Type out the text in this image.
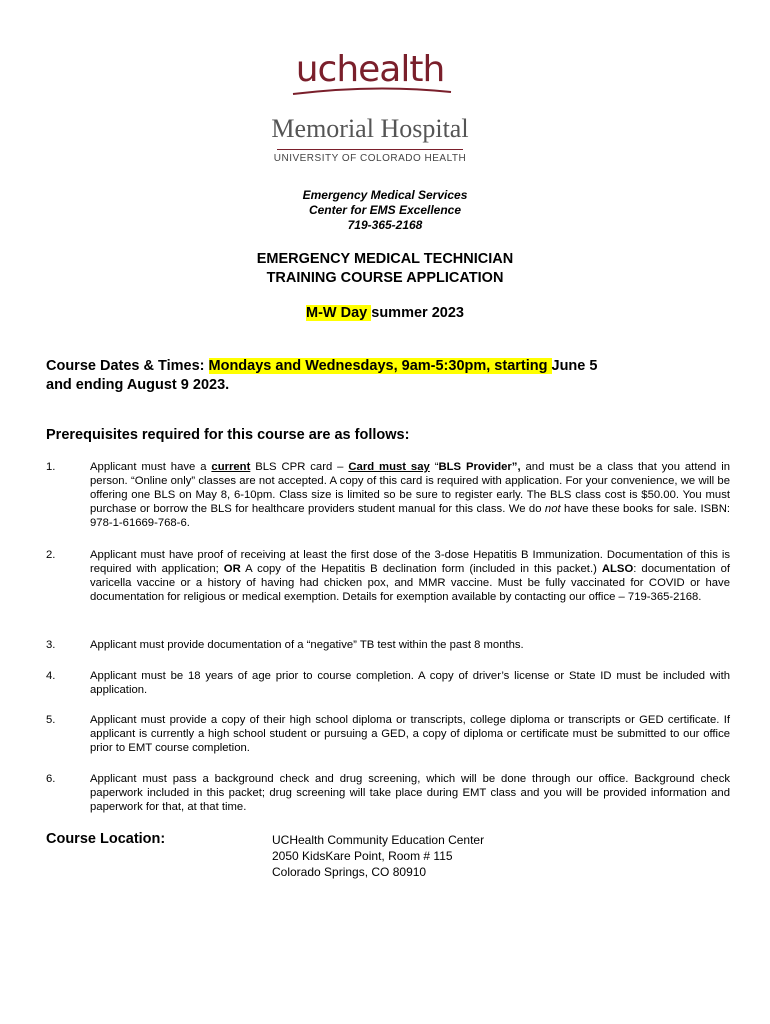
uchealth
Memorial Hospital
UNIVERSITY OF COLORADO HEALTH
Emergency Medical Services
Center for EMS Excellence
719-365-2168
EMERGENCY MEDICAL TECHNICIAN
TRAINING COURSE APPLICATION
M-W Day summer 2023
Course Dates & Times: Mondays and Wednesdays, 9am-5:30pm, starting June 5
and ending August 9 2023.
Prerequisites required for this course are as follows:
1.	Applicant must have a current BLS CPR card – Card must say “BLS Provider”, and must be a class that you attend in person. “Online only” classes are not accepted. A copy of this card is required with application. For your convenience, we will be offering one BLS on May 8, 6-10pm. Class size is limited so be sure to register early. The BLS class cost is $50.00. You must purchase or borrow the BLS for healthcare providers student manual for this class. We do not have these books for sale. ISBN: 978-1-61669-768-6.
2.	Applicant must have proof of receiving at least the first dose of the 3-dose Hepatitis B Immunization. Documentation of this is required with application; OR A copy of the Hepatitis B declination form (included in this packet.) ALSO: documentation of varicella vaccine or a history of having had chicken pox, and MMR vaccine. Must be fully vaccinated for COVID or have documentation for religious or medical exemption. Details for exemption available by contacting our office – 719-365-2168.
3.	Applicant must provide documentation of a “negative” TB test within the past 8 months.
4.	Applicant must be 18 years of age prior to course completion. A copy of driver’s license or State ID must be included with application.
5.	Applicant must provide a copy of their high school diploma or transcripts, college diploma or transcripts or GED certificate. If applicant is currently a high school student or pursuing a GED, a copy of diploma or certificate must be submitted to our office prior to EMT course completion.
6.	Applicant must pass a background check and drug screening, which will be done through our office. Background check paperwork included in this packet; drug screening will take place during EMT class and you will be provided information and paperwork for that, at that time.
Course Location:	UCHealth Community Education Center
2050 KidsKare Point, Room # 115
Colorado Springs, CO 80910
